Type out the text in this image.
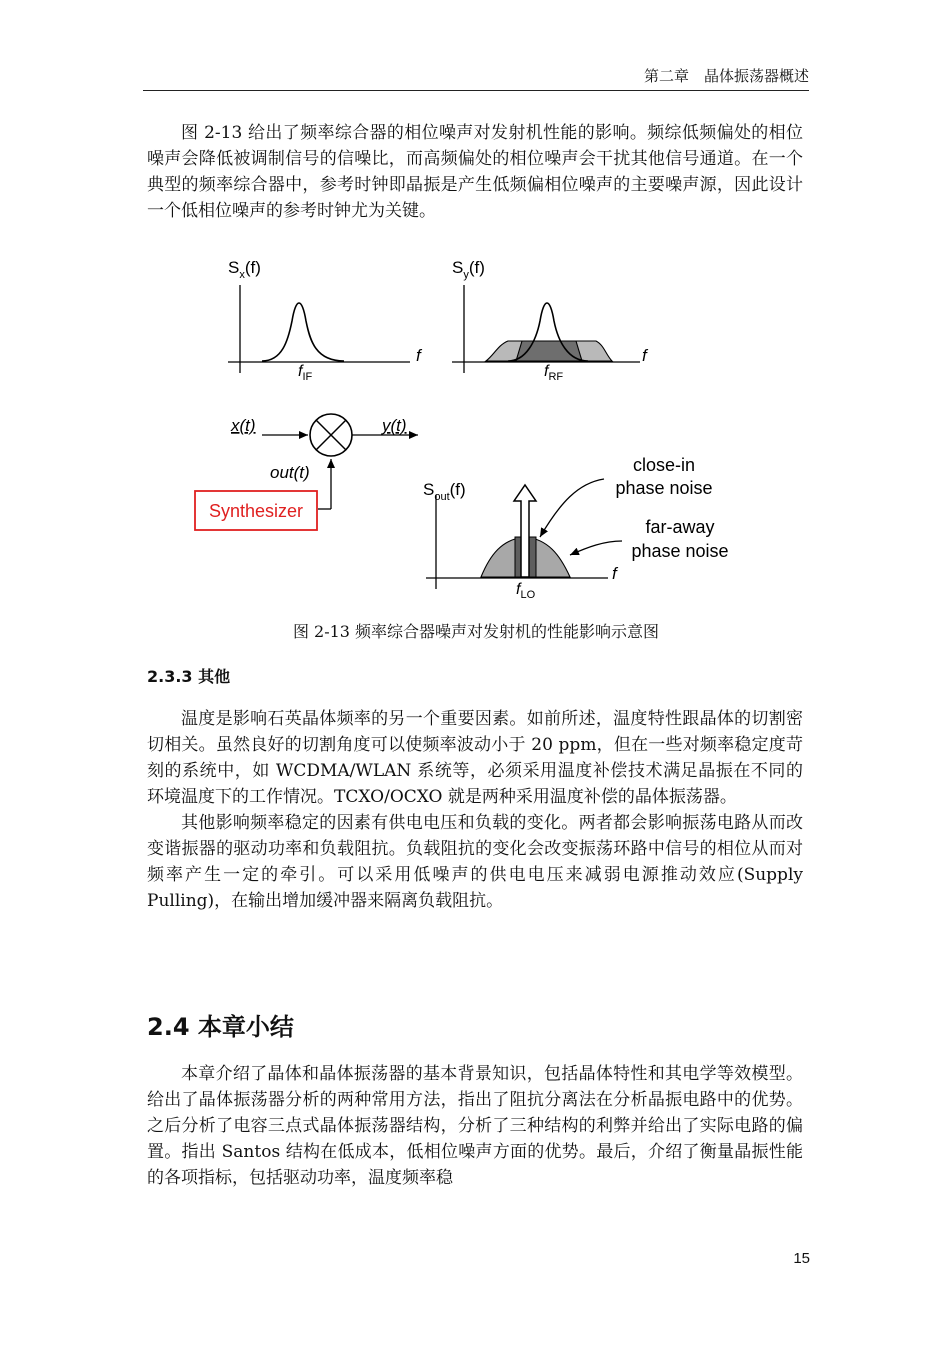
第二章　晶体振荡器概述

图 2-13 给出了频率综合器的相位噪声对发射机性能的影响。频综低频偏处的相位噪声会降低被调制信号的信噪比，而高频偏处的相位噪声会干扰其他信号通道。在一个典型的频率综合器中，参考时钟即晶振是产生低频偏相位噪声的主要噪声源，因此设计一个低相位噪声的参考时钟尤为关键。

$S_x(f)$
f
$f_{IF}$
$S_y(f)$
f
$f_{RF}$
x(t)	y(t)
out(t)
Synthesizer
$S_{out}(f)$
f
$f_{LO}$
close-in
phase noise
far-away
phase noise
图 2-13 频率综合器噪声对发射机的性能影响示意图
2.3.3 其他

温度是影响石英晶体频率的另一个重要因素。如前所述，温度特性跟晶体的切割密切相关。虽然良好的切割角度可以使频率波动小于 20 ppm，但在一些对频率稳定度苛刻的系统中，如 WCDMA/WLAN 系统等，必须采用温度补偿技术满足晶振在不同的环境温度下的工作情况。TCXO/OCXO 就是两种采用温度补偿的晶体振荡器。

其他影响频率稳定的因素有供电电压和负载的变化。两者都会影响振荡电路从而改变谐振器的驱动功率和负载阻抗。负载阻抗的变化会改变振荡环路中信号的相位从而对频率产生一定的牵引。可以采用低噪声的供电电压来减弱电源推动效应(Supply Pulling)，在输出增加缓冲器来隔离负载阻抗。

2.4 本章小结

本章介绍了晶体和晶体振荡器的基本背景知识，包括晶体特性和其电学等效模型。给出了晶体振荡器分析的两种常用方法，指出了阻抗分离法在分析晶振电路中的优势。之后分析了电容三点式晶体振荡器结构，分析了三种结构的利弊并给出了实际电路的偏置。指出 Santos 结构在低成本，低相位噪声方面的优势。最后，介绍了衡量晶振性能的各项指标，包括驱动功率，温度频率稳

15
